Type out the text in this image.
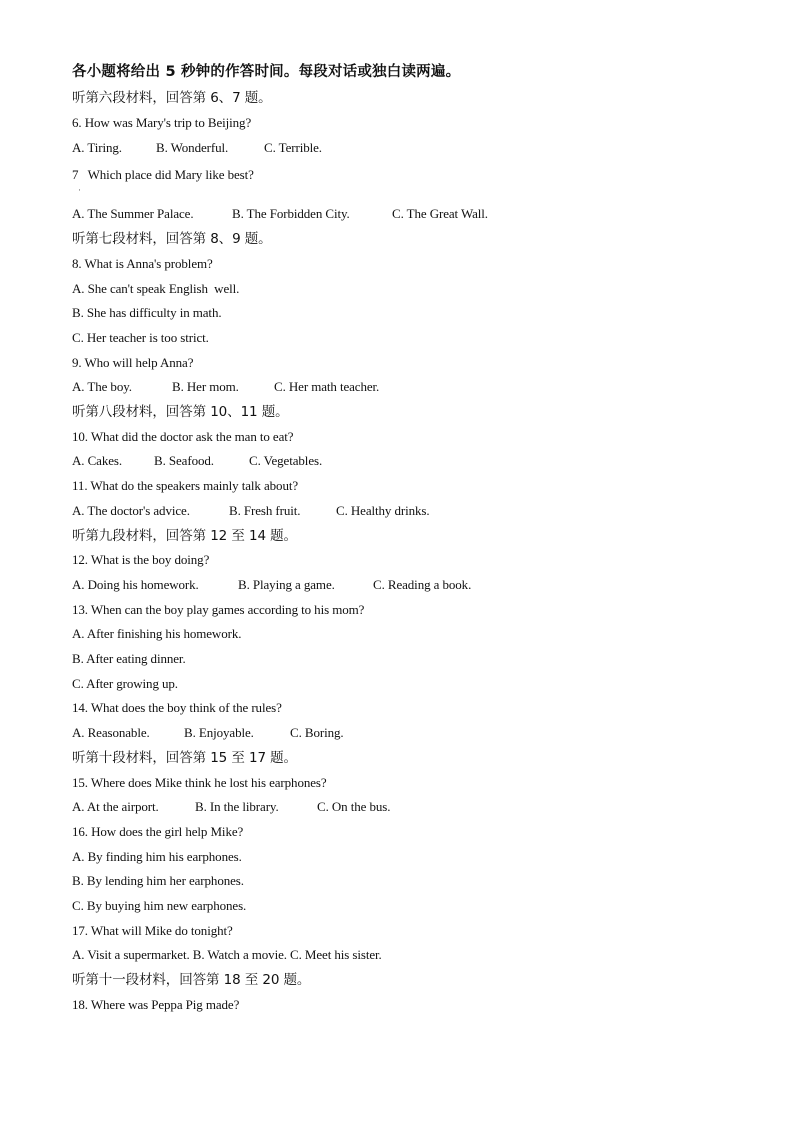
各小题将给出 5 秒钟的作答时间。每段对话或独白读两遍。
听第六段材料，回答第 6、7 题。
6. How was Mary's trip to Beijing?
A. Tiring.	B. Wonderful.	C. Terrible.
7   Which place did Mary like best?
·
A. The Summer Palace.	B. The Forbidden City.	C. The Great Wall.
听第七段材料，回答第 8、9 题。
8. What is Anna's problem?
A. She can't speak English  well.
B. She has difficulty in math.
C. Her teacher is too strict.
9. Who will help Anna?
A. The boy.	B. Her mom.	C. Her math teacher.
听第八段材料，回答第 10、11 题。
10. What did the doctor ask the man to eat?
A. Cakes. B. Seafood.	C. Vegetables.
11. What do the speakers mainly talk about?
A. The doctor's advice.	B. Fresh fruit.	C. Healthy drinks.
听第九段材料，回答第 12 至 14 题。
12. What is the boy doing?
A. Doing his homework.	B. Playing a game.	C. Reading a book.
13. When can the boy play games according to his mom?
A. After finishing his homework.
B. After eating dinner.
C. After growing up.
14. What does the boy think of the rules?
A. Reasonable.	B. Enjoyable.	C. Boring.
听第十段材料，回答第 15 至 17 题。
15. Where does Mike think he lost his earphones?
A. At the airport.	B. In the library.	C. On the bus.
16. How does the girl help Mike?
A. By finding him his earphones.
B. By lending him her earphones.
C. By buying him new earphones.
17. What will Mike do tonight?
A. Visit a supermarket. B. Watch a movie. C. Meet his sister.
听第十一段材料，回答第 18 至 20 题。
18. Where was Peppa Pig made?
